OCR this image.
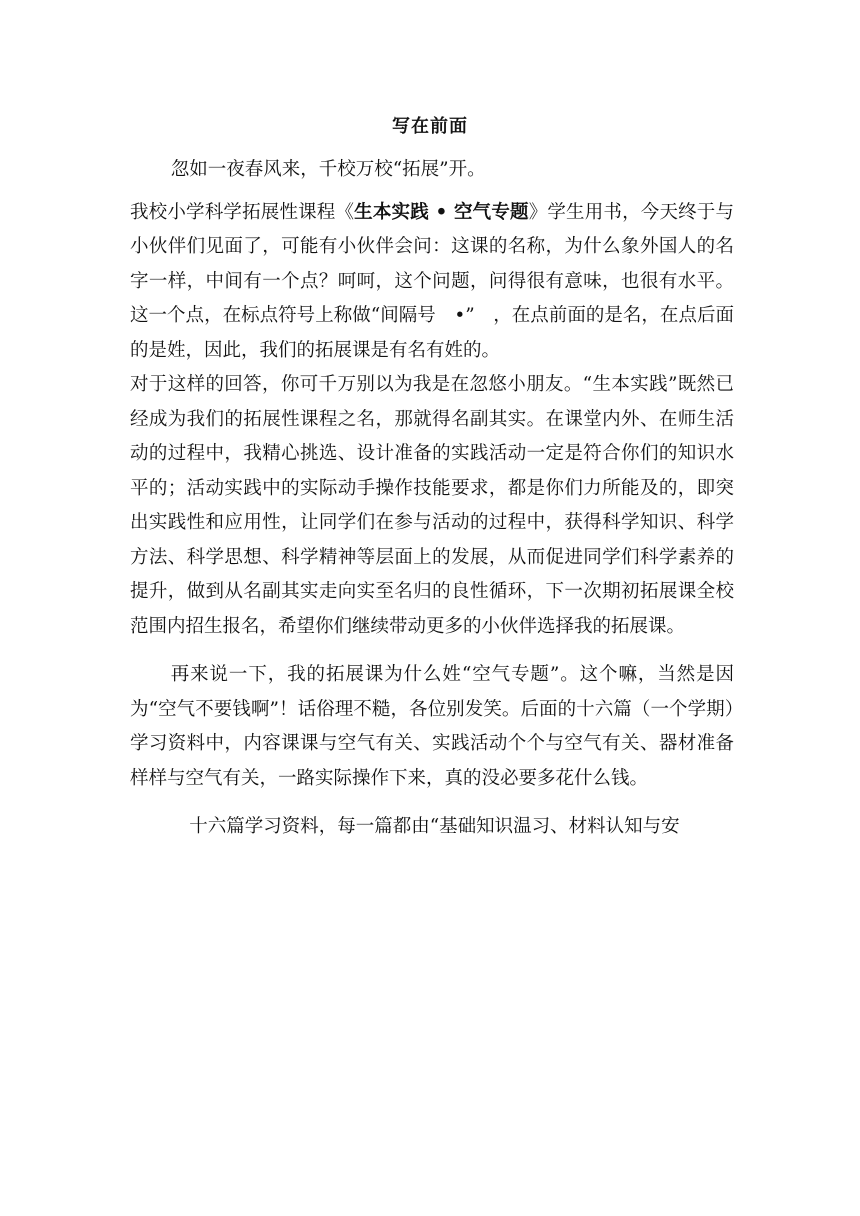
写在前面

忽如一夜春风来，千校万校“拓展”开。

我校小学科学拓展性课程《生本实践 • 空气专题》学生用书，今天终于与小伙伴们见面了，可能有小伙伴会问：这课的名称，为什么象外国人的名字一样，中间有一个点？呵呵，这个问题，问得很有意味，也很有水平。这一个点，在标点符号上称做“间隔号　•”　，在点前面的是名，在点后面的是姓，因此，我们的拓展课是有名有姓的。

对于这样的回答，你可千万别以为我是在忽悠小朋友。“生本实践”既然已经成为我们的拓展性课程之名，那就得名副其实。在课堂内外、在师生活动的过程中，我精心挑选、设计准备的实践活动一定是符合你们的知识水平的；活动实践中的实际动手操作技能要求，都是你们力所能及的，即突出实践性和应用性，让同学们在参与活动的过程中，获得科学知识、科学方法、科学思想、科学精神等层面上的发展，从而促进同学们科学素养的提升，做到从名副其实走向实至名归的良性循环，下一次期初拓展课全校范围内招生报名，希望你们继续带动更多的小伙伴选择我的拓展课。

再来说一下，我的拓展课为什么姓“空气专题”。这个嘛，当然是因为“空气不要钱啊”！话俗理不糙，各位别发笑。后面的十六篇（一个学期）学习资料中，内容课课与空气有关、实践活动个个与空气有关、器材准备样样与空气有关，一路实际操作下来，真的没必要多花什么钱。

十六篇学习资料，每一篇都由“基础知识温习、材料认知与安
